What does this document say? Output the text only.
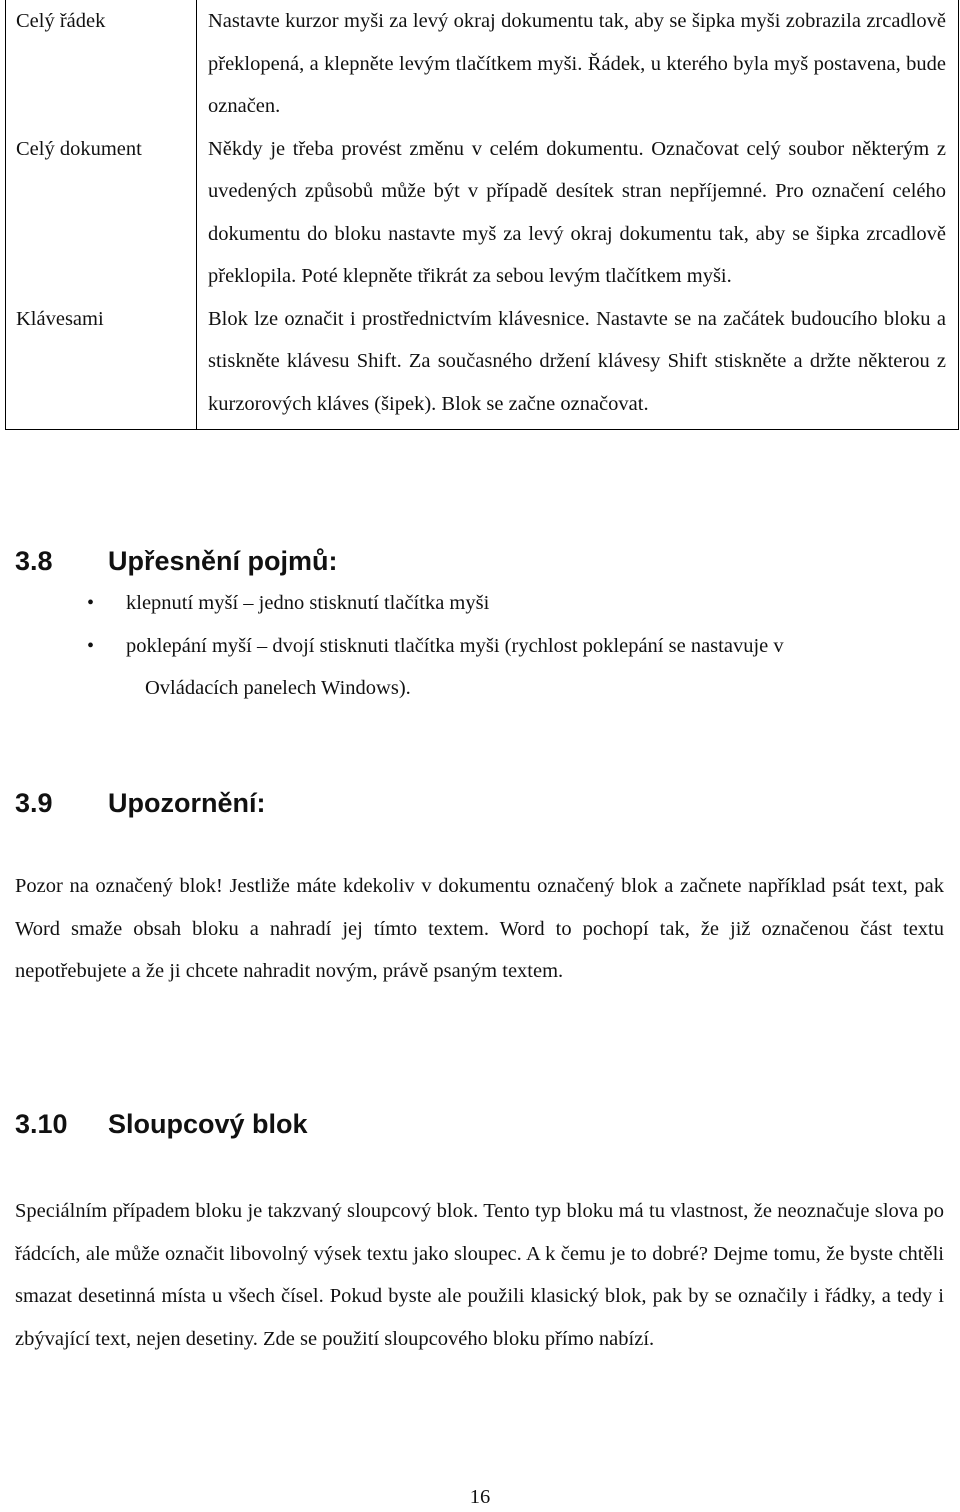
Celý řádek	Nastavte kurzor myši za levý okraj dokumentu tak, aby se šipka myši zobrazila zrcadlově překlopená, a klepněte levým tlačítkem myši. Řádek, u kterého byla myš postavena, bude označen.
Celý dokument	Někdy je třeba provést změnu v celém dokumentu. Označovat celý soubor některým z uvedených způsobů může být v případě desítek stran nepříjemné. Pro označení celého dokumentu do bloku nastavte myš za levý okraj dokumentu tak, aby se šipka zrcadlově překlopila. Poté klepněte třikrát za sebou levým tlačítkem myši.
Klávesami	Blok lze označit i prostřednictvím klávesnice. Nastavte se na začátek budoucího bloku a stiskněte klávesu Shift. Za současného držení klávesy Shift stiskněte a držte některou z kurzorových kláves (šipek). Blok se začne označovat.
3.8 Upřesnění pojmů:
• klepnutí myší – jedno stisknutí tlačítka myši
• poklepání myší – dvojí stisknuti tlačítka myši (rychlost poklepání se nastavuje v
Ovládacích panelech Windows).
3.9 Upozornění:

Pozor na označený blok! Jestliže máte kdekoliv v dokumentu označený blok a začnete například psát text, pak Word smaže obsah bloku a nahradí jej tímto textem. Word to pochopí tak, že již označenou část textu nepotřebujete a že ji chcete nahradit novým, právě psaným textem.

3.10 Sloupcový blok

Speciálním případem bloku je takzvaný sloupcový blok. Tento typ bloku má tu vlastnost, že neoznačuje slova po řádcích, ale může označit libovolný výsek textu jako sloupec. A k čemu je to dobré? Dejme tomu, že byste chtěli smazat desetinná místa u všech čísel. Pokud byste ale použili klasický blok, pak by se označily i řádky, a tedy i zbývající text, nejen desetiny. Zde se použití sloupcového bloku přímo nabízí.

16
